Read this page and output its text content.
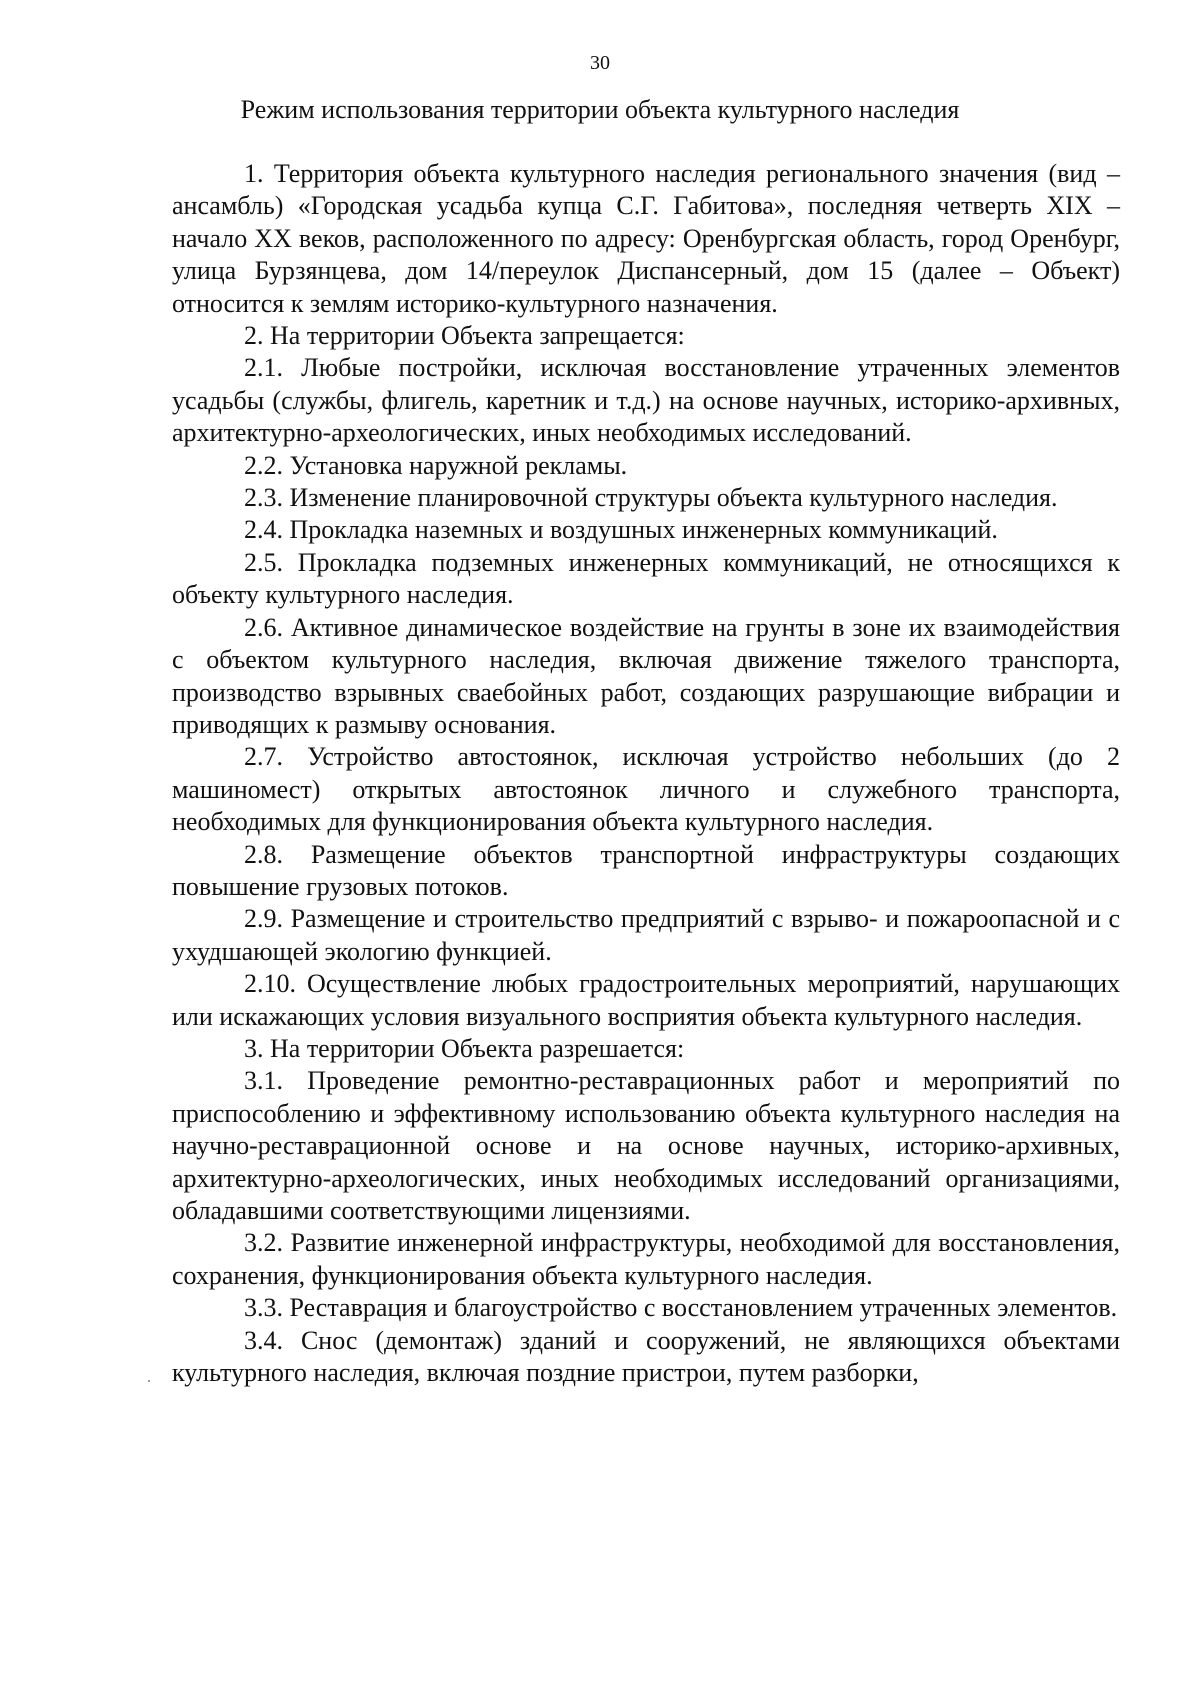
30
Режим использования территории объекта культурного наследия

1. Территория объекта культурного наследия регионального значения (вид – ансамбль) «Городская усадьба купца С.Г. Габитова», последняя четверть XIX – начало XX веков, расположенного по адресу: Оренбургская область, город Оренбург, улица Бурзянцева, дом 14/переулок Диспансерный, дом 15 (далее – Объект) относится к землям историко-культурного назначения.

2. На территории Объекта запрещается:

2.1. Любые постройки, исключая восстановление утраченных элементов усадьбы (службы, флигель, каретник и т.д.) на основе научных, историко-архивных, архитектурно-археологических, иных необходимых исследований.

2.2. Установка наружной рекламы.

2.3. Изменение планировочной структуры объекта культурного наследия.

2.4. Прокладка наземных и воздушных инженерных коммуникаций.

2.5. Прокладка подземных инженерных коммуникаций, не относящихся к объекту культурного наследия.

2.6. Активное динамическое воздействие на грунты в зоне их взаимодействия с объектом культурного наследия, включая движение тяжелого транспорта, производство взрывных сваебойных работ, создающих разрушающие вибрации и приводящих к размыву основания.

2.7. Устройство автостоянок, исключая устройство небольших (до 2 машиномест) открытых автостоянок личного и служебного транспорта, необходимых для функционирования объекта культурного наследия.

2.8. Размещение объектов транспортной инфраструктуры создающих повышение грузовых потоков.

2.9. Размещение и строительство предприятий с взрыво- и пожароопасной и с ухудшающей экологию функцией.

2.10. Осуществление любых градостроительных мероприятий, нарушающих или искажающих условия визуального восприятия объекта культурного наследия.

3. На территории Объекта разрешается:

3.1. Проведение ремонтно-реставрационных работ и мероприятий по приспособлению и эффективному использованию объекта культурного наследия на научно-реставрационной основе и на основе научных, историко-архивных, архитектурно-археологических, иных необходимых исследований организациями, обладавшими соответствующими лицензиями.

3.2. Развитие инженерной инфраструктуры, необходимой для восстановления, сохранения, функционирования объекта культурного наследия.

3.3. Реставрация и благоустройство с восстановлением утраченных элементов.

3.4. Снос (демонтаж) зданий и сооружений, не являющихся объектами культурного наследия, включая поздние пристрои, путем разборки,
